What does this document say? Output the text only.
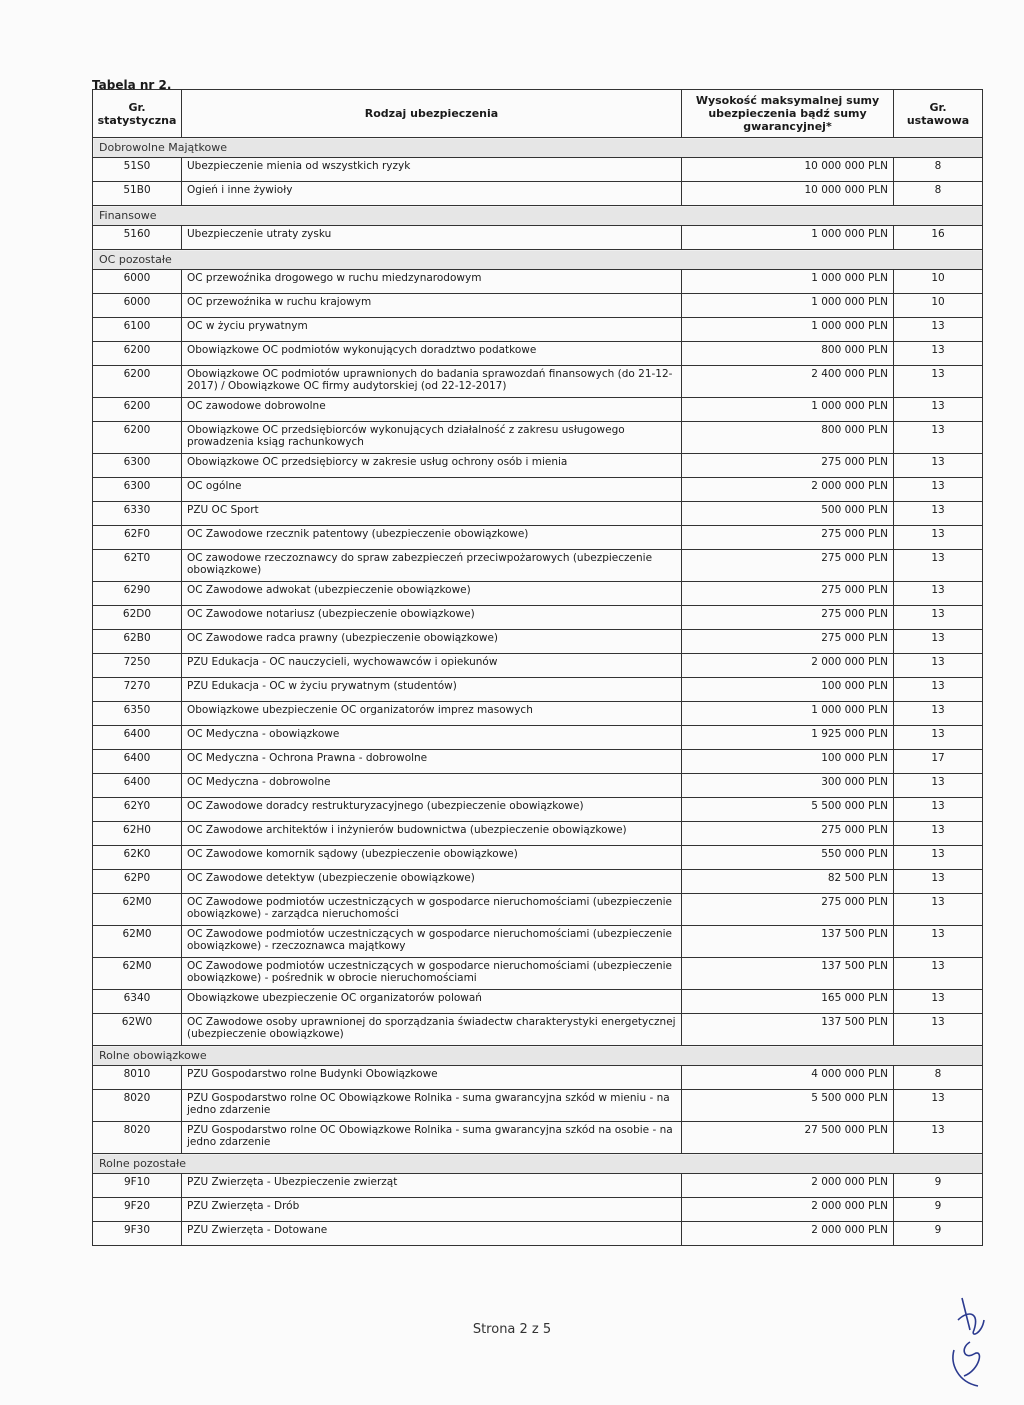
Tabela nr 2.
Gr. statystyczna	Rodzaj ubezpieczenia	Wysokość maksymalnej sumy ubezpieczenia bądź sumy gwarancyjnej*	Gr. ustawowa
Dobrowolne Majątkowe			
51S0	Ubezpieczenie mienia od wszystkich ryzyk	10 000 000 PLN	8
51B0	Ogień i inne żywioły	10 000 000 PLN	8
Finansowe			
5160	Ubezpieczenie utraty zysku	1 000 000 PLN	16
OC pozostałe			
6000	OC przewoźnika drogowego w ruchu miedzynarodowym	1 000 000 PLN	10
6000	OC przewoźnika w ruchu krajowym	1 000 000 PLN	10
6100	OC w życiu prywatnym	1 000 000 PLN	13
6200	Obowiązkowe OC podmiotów wykonujących doradztwo podatkowe	800 000 PLN	13
6200	Obowiązkowe OC podmiotów uprawnionych do badania sprawozdań finansowych (do 21-12-2017) / Obowiązkowe OC firmy audytorskiej (od 22-12-2017)	2 400 000 PLN	13
6200	OC zawodowe dobrowolne	1 000 000 PLN	13
6200	Obowiązkowe OC przedsiębiorców wykonujących działalność z zakresu usługowego prowadzenia ksiąg rachunkowych	800 000 PLN	13
6300	Obowiązkowe OC przedsiębiorcy w zakresie usług ochrony osób i mienia	275 000 PLN	13
6300	OC ogólne	2 000 000 PLN	13
6330	PZU OC Sport	500 000 PLN	13
62F0	OC Zawodowe rzecznik patentowy (ubezpieczenie obowiązkowe)	275 000 PLN	13
62T0	OC zawodowe rzeczoznawcy do spraw zabezpieczeń przeciwpożarowych (ubezpieczenie obowiązkowe)	275 000 PLN	13
6290	OC Zawodowe adwokat (ubezpieczenie obowiązkowe)	275 000 PLN	13
62D0	OC Zawodowe notariusz (ubezpieczenie obowiązkowe)	275 000 PLN	13
62B0	OC Zawodowe radca prawny (ubezpieczenie obowiązkowe)	275 000 PLN	13
7250	PZU Edukacja - OC nauczycieli, wychowawców i opiekunów	2 000 000 PLN	13
7270	PZU Edukacja - OC w życiu prywatnym (studentów)	100 000 PLN	13
6350	Obowiązkowe ubezpieczenie OC organizatorów imprez masowych	1 000 000 PLN	13
6400	OC Medyczna - obowiązkowe	1 925 000 PLN	13
6400	OC Medyczna - Ochrona Prawna - dobrowolne	100 000 PLN	17
6400	OC Medyczna - dobrowolne	300 000 PLN	13
62Y0	OC Zawodowe doradcy restrukturyzacyjnego (ubezpieczenie obowiązkowe)	5 500 000 PLN	13
62H0	OC Zawodowe architektów i inżynierów budownictwa (ubezpieczenie obowiązkowe)	275 000 PLN	13
62K0	OC Zawodowe komornik sądowy (ubezpieczenie obowiązkowe)	550 000 PLN	13
62P0	OC Zawodowe detektyw (ubezpieczenie obowiązkowe)	82 500 PLN	13
62M0	OC Zawodowe podmiotów uczestniczących w gospodarce nieruchomościami (ubezpieczenie obowiązkowe) - zarządca nieruchomości	275 000 PLN	13
62M0	OC Zawodowe podmiotów uczestniczących w gospodarce nieruchomościami (ubezpieczenie obowiązkowe) - rzeczoznawca majątkowy	137 500 PLN	13
62M0	OC Zawodowe podmiotów uczestniczących w gospodarce nieruchomościami (ubezpieczenie obowiązkowe) - pośrednik w obrocie nieruchomościami	137 500 PLN	13
6340	Obowiązkowe ubezpieczenie OC organizatorów polowań	165 000 PLN	13
62W0	OC Zawodowe osoby uprawnionej do sporządzania świadectw charakterystyki energetycznej (ubezpieczenie obowiązkowe)	137 500 PLN	13
Rolne obowiązkowe			
8010	PZU Gospodarstwo rolne Budynki Obowiązkowe	4 000 000 PLN	8
8020	PZU Gospodarstwo rolne OC Obowiązkowe Rolnika - suma gwarancyjna szkód w mieniu - na jedno zdarzenie	5 500 000 PLN	13
8020	PZU Gospodarstwo rolne OC Obowiązkowe Rolnika - suma gwarancyjna szkód na osobie - na jedno zdarzenie	27 500 000 PLN	13
Rolne pozostałe			
9F10	PZU Zwierzęta - Ubezpieczenie zwierząt	2 000 000 PLN	9
9F20	PZU Zwierzęta - Drób	2 000 000 PLN	9
9F30	PZU Zwierzęta - Dotowane	2 000 000 PLN	9
Strona 2 z 5
